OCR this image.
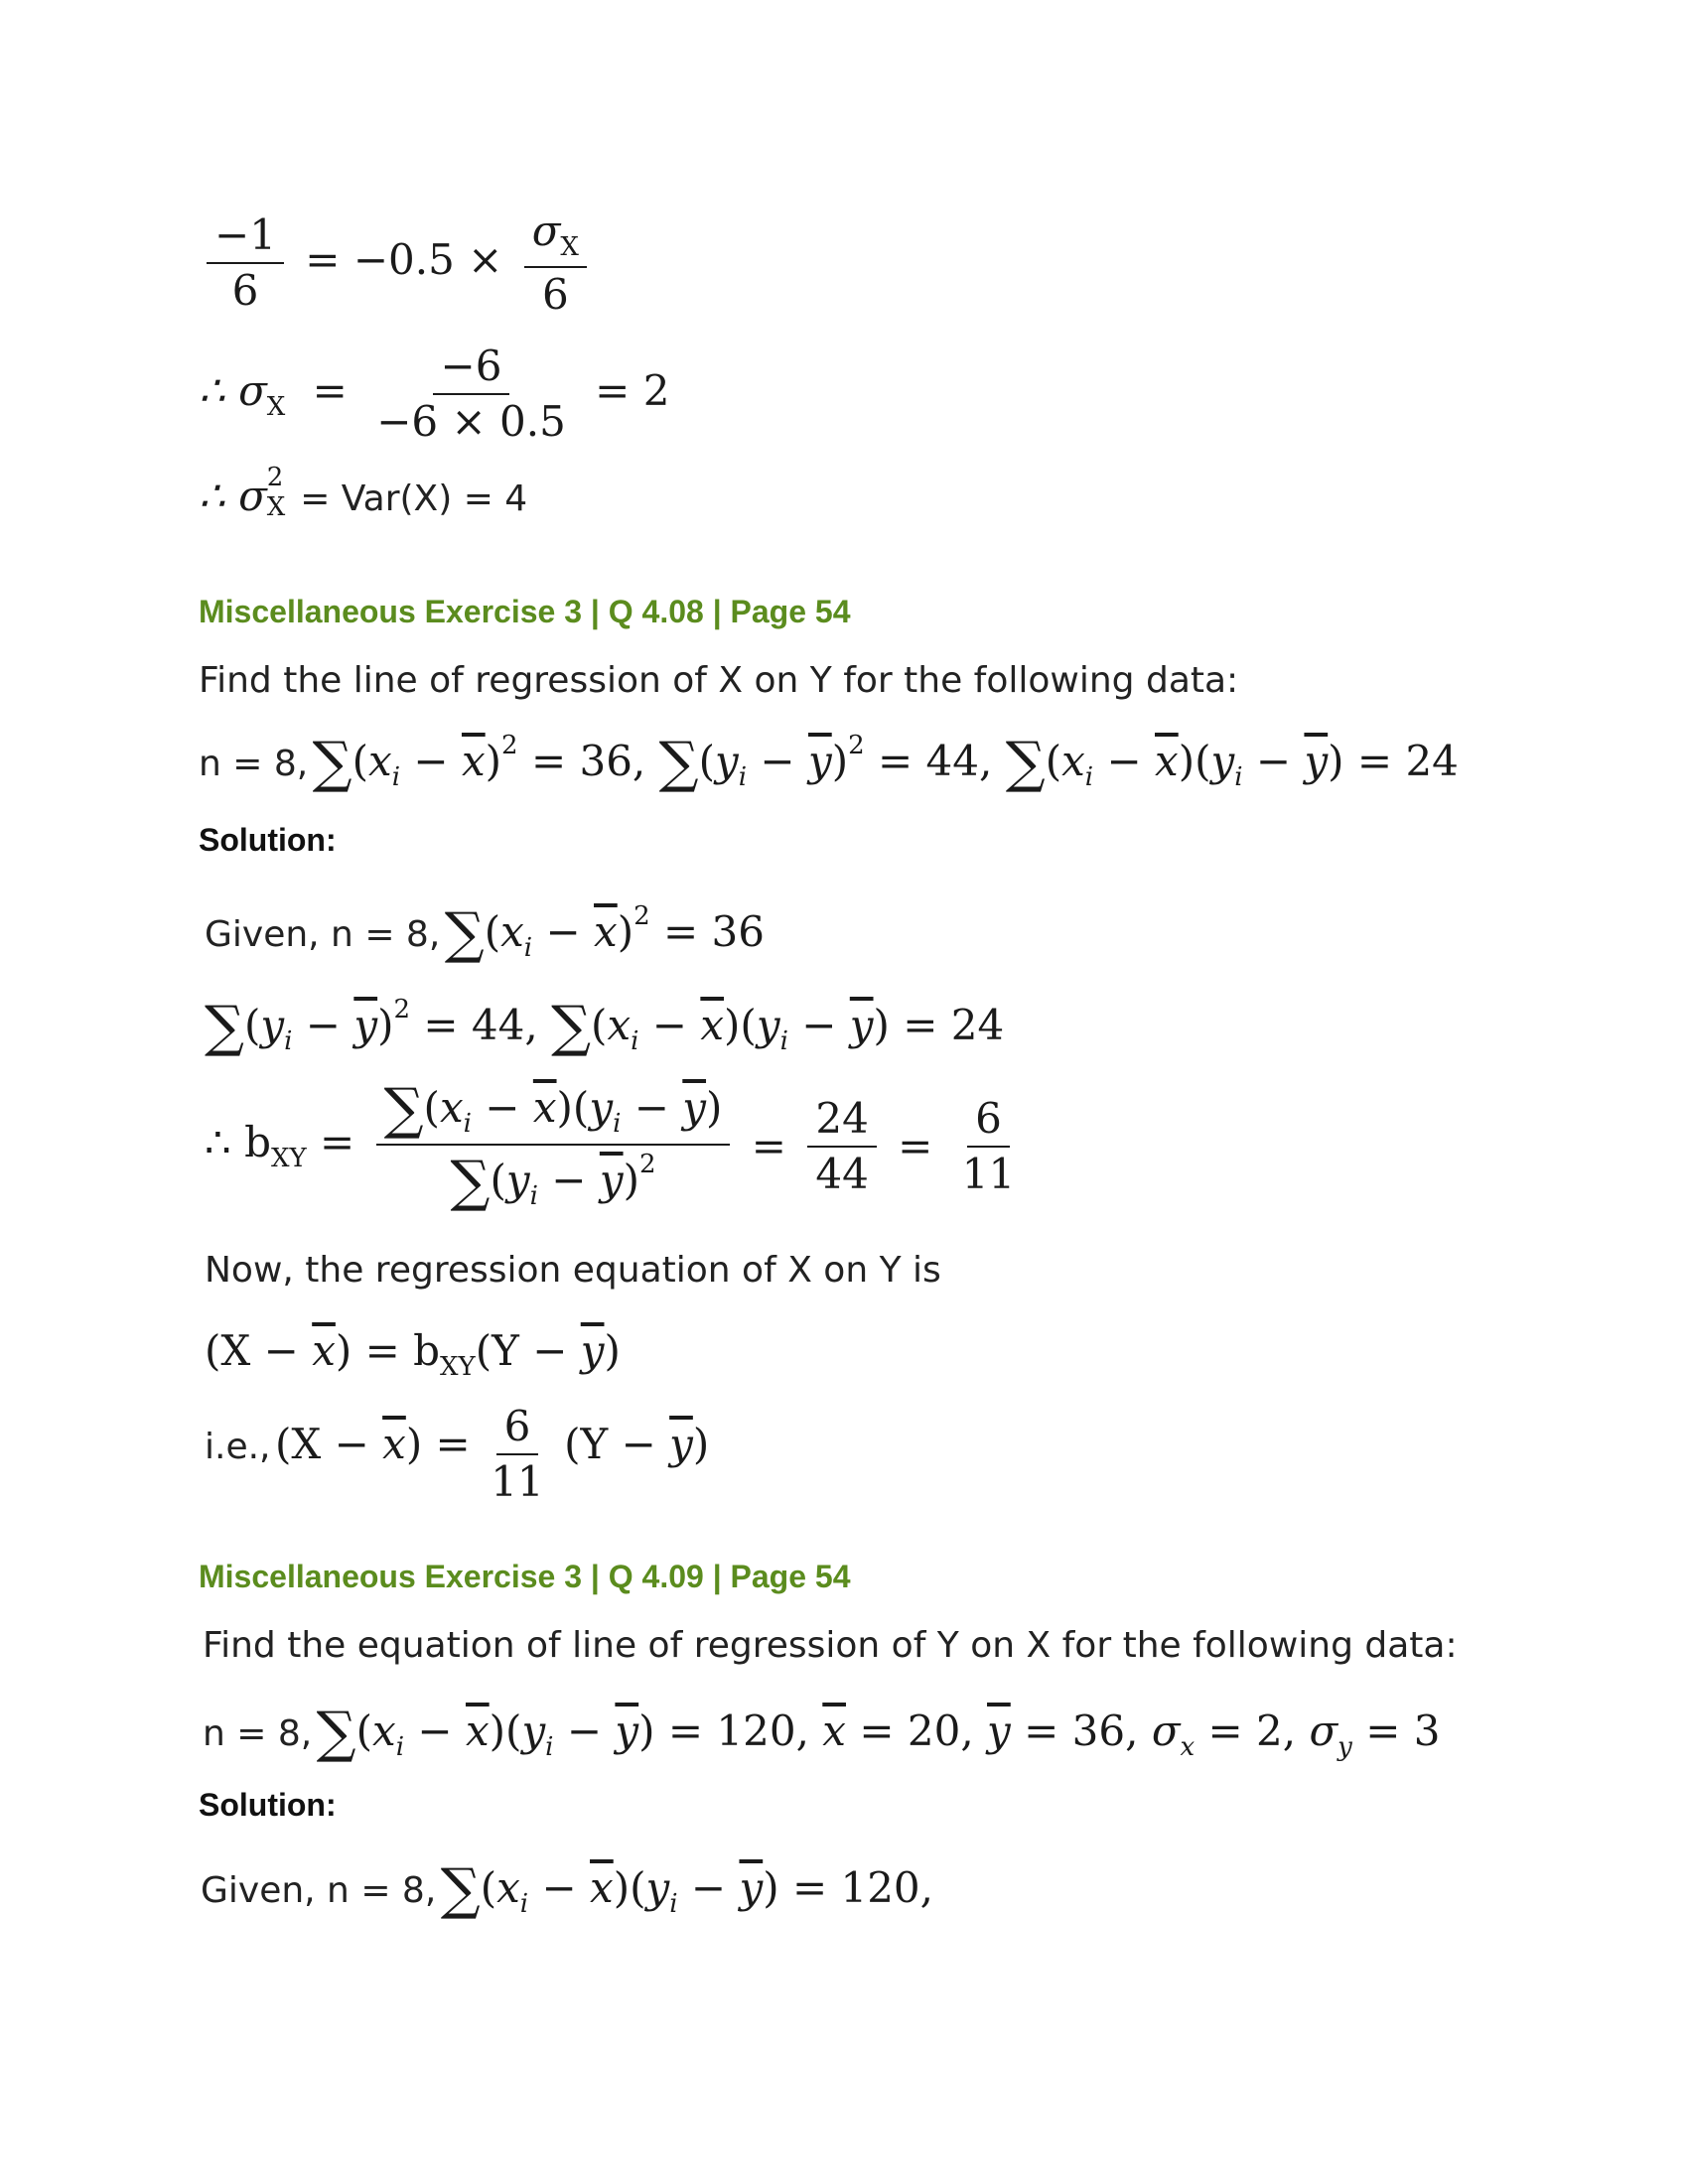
$\frac{-1}{6} = -0.5 \times \frac{\sigma_X}{6}$
∴ $\sigma_X = \frac{-6}{-6 \times 0.5} = 2$
∴ σ 2
X = Var(X) = 4
Miscellaneous Exercise 3 | Q 4.08 | Page 54
Find the line of regression of X on Y for the following data:
n = 8, $\sum(x_i - \overline{x})^2 = 36$, $\sum(y_i - \overline{y})^2 = 44$, $\sum(x_i - \overline{x})(y_i - \overline{y}) = 24$
Solution:
Given, n = 8, $\sum(x_i - \overline{x})^2 = 36$
$\sum(y_i - \overline{y})^2 = 44$, $\sum(x_i - \overline{x})(y_i - \overline{y}) = 24$
∴ $b_{XY} = \frac{\sum(x_i - \overline{x})(y_i - \overline{y})}{\sum(y_i - \overline{y})^2} = \frac{24}{44} = \frac{6}{11}$
Now, the regression equation of X on Y is
$(X - \overline{x}) = b_{XY}(Y - \overline{y})$
i.e., $(X - \overline{x}) = \frac{6}{11} (Y - \overline{y})$
Miscellaneous Exercise 3 | Q 4.09 | Page 54
Find the equation of line of regression of Y on X for the following data:
n = 8, $\sum(x_i - \overline{x})(y_i - \overline{y}) = 120$, $\overline{x} = 20$, $\overline{y} = 36$, $\sigma_x = 2$, $\sigma_y = 3$
Solution:
Given, n = 8, $\sum(x_i - \overline{x})(y_i - \overline{y}) = 120$,
